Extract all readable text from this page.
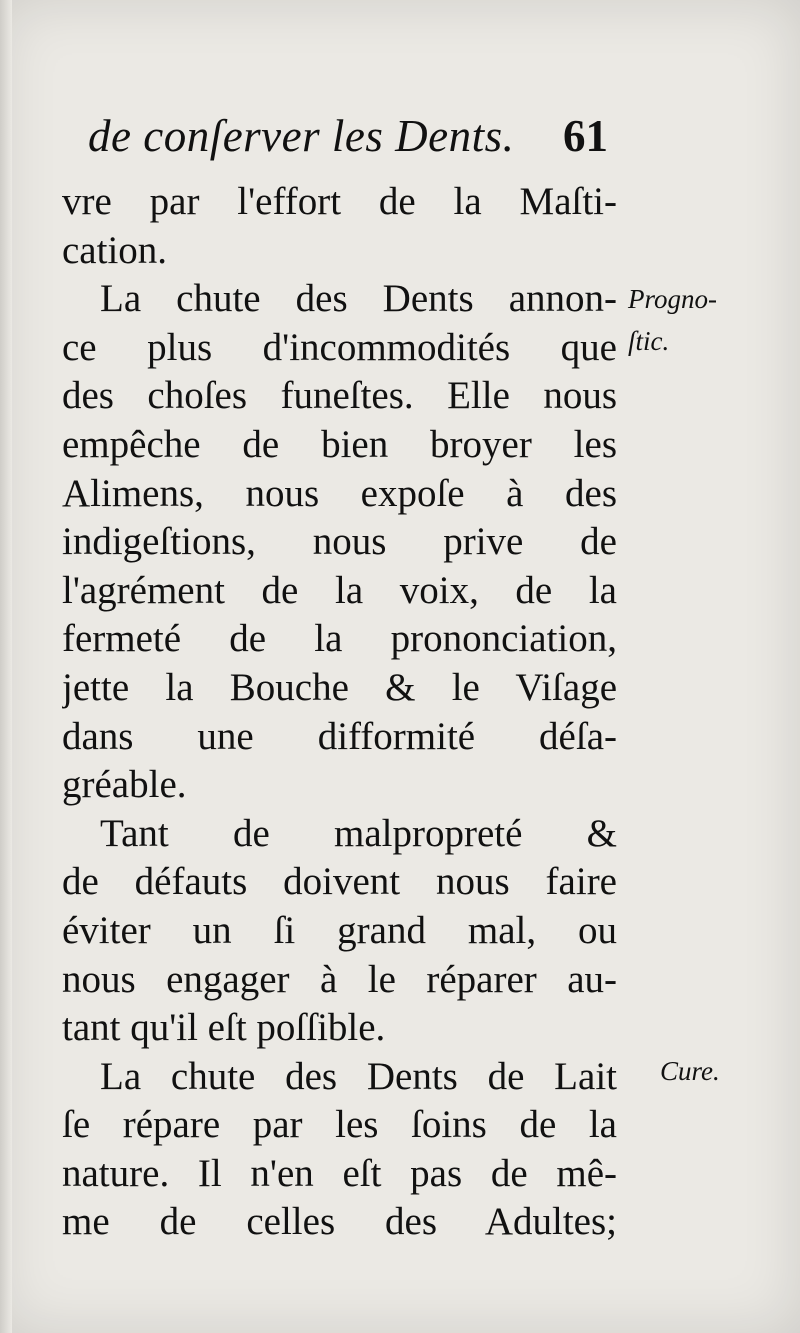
de conſerver les Dents. 61
vre par l'effort de la Maſti-
cation.
La chute des Dents annon-
ce plus d'incommodités que
des choſes funeſtes. Elle nous
empêche de bien broyer les
Alimens, nous expoſe à des
indigeſtions, nous prive de
l'agrément de la voix, de la
fermeté de la prononciation,
jette la Bouche & le Viſage
dans une difformité déſa-
gréable.
Tant de malpropreté &
de défauts doivent nous faire
éviter un ſi grand mal, ou
nous engager à le réparer au-
tant qu'il eſt poſſible.
La chute des Dents de Lait
ſe répare par les ſoins de la
nature. Il n'en eſt pas de mê-
me de celles des Adultes;
Progno-
ſtic.
Cure.
